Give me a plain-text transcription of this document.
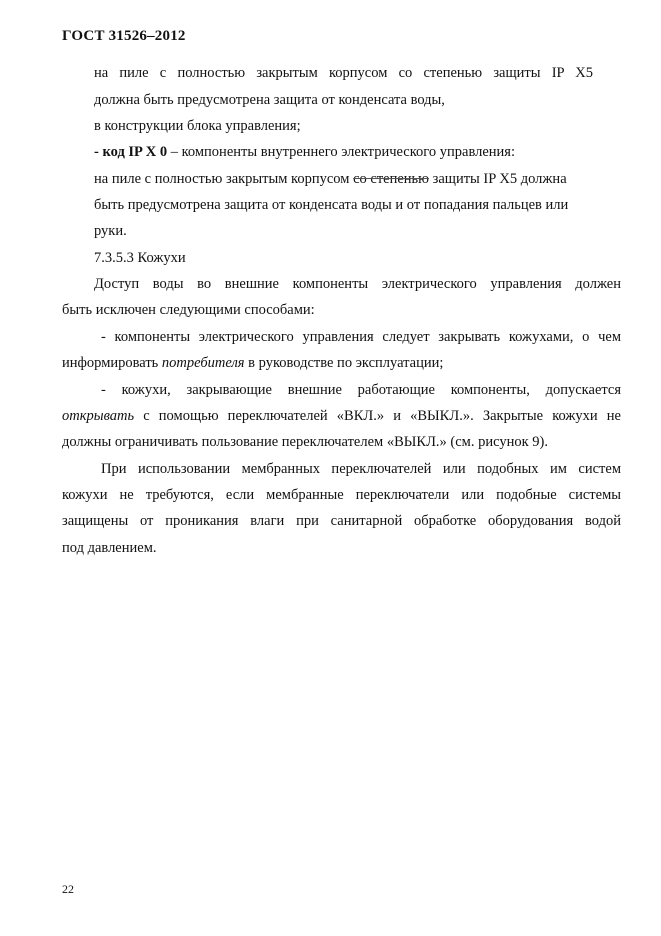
ГОСТ 31526–2012
на пиле с полностью закрытым корпусом со степенью защиты IP X5
должна быть предусмотрена защита от конденсата воды,
в конструкции блока управления;
- код IP X 0 – компоненты внутреннего электрического управления:
на пиле с полностью закрытым корпусом со степенью защиты IP X5 должна
быть предусмотрена защита от конденсата воды и от попадания пальцев или
руки.
7.3.5.3 Кожухи
Доступ воды во внешние компоненты электрического управления должен
быть исключен следующими способами:
- компоненты электрического управления следует закрывать кожухами, о чем
информировать потребителя в руководстве по эксплуатации;
- кожухи, закрывающие внешние работающие компоненты, допускается
открывать с помощью переключателей «ВКЛ.» и «ВЫКЛ.». Закрытые кожухи не
должны ограничивать пользование переключателем «ВЫКЛ.» (см. рисунок 9).
При использовании мембранных переключателей или подобных им систем
кожухи не требуются, если мембранные переключатели или подобные системы
защищены от проникания влаги при санитарной обработке оборудования водой
под давлением.
22
